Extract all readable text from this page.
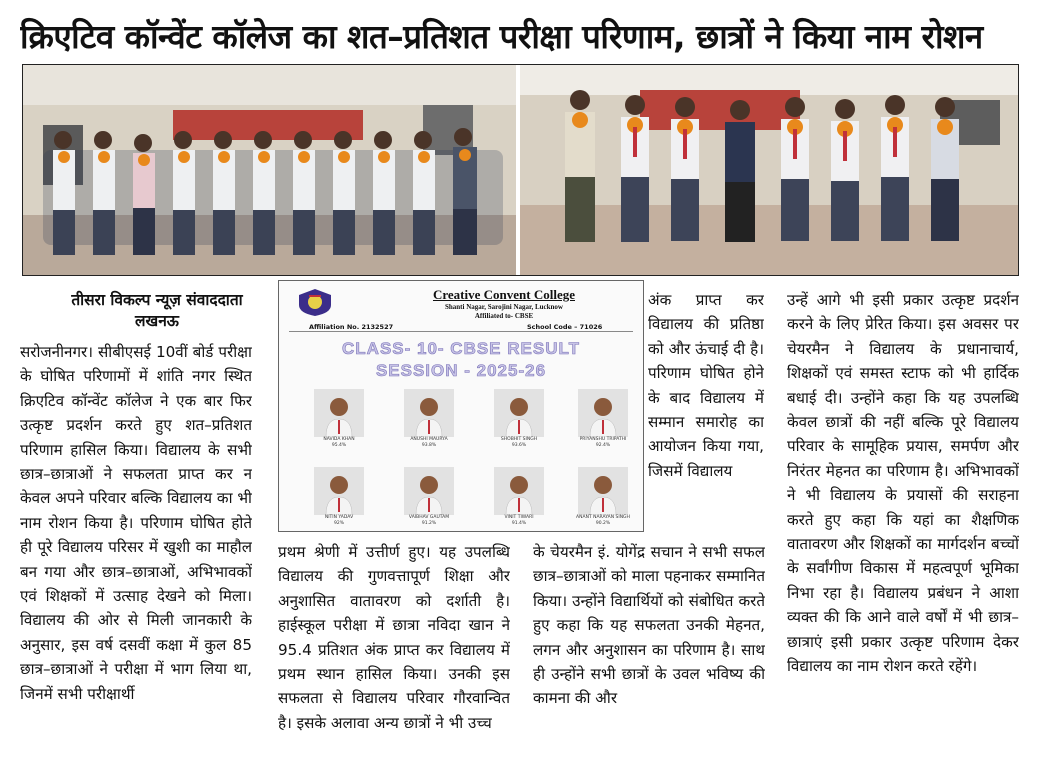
क्रिएटिव कॉन्वेंट कॉलेज का शत–प्रतिशत परीक्षा परिणाम, छात्रों ने किया नाम रोशन
तीसरा विकल्प न्यूज़ संवाददाता
लखनऊ
सरोजनीनगर। सीबीएसई 10वीं बोर्ड परीक्षा के घोषित परिणामों में शांति नगर स्थित क्रिएटिव कॉन्वेंट कॉलेज ने एक बार फिर उत्कृष्ट प्रदर्शन करते हुए शत–प्रतिशत परिणाम हासिल किया। विद्यालय के सभी छात्र–छात्राओं ने सफलता प्राप्त कर न केवल अपने परिवार बल्कि विद्यालय का भी नाम रोशन किया है। परिणाम घोषित होते ही पूरे विद्यालय परिसर में खुशी का माहौल बन गया और छात्र–छात्राओं, अभिभावकों एवं शिक्षकों में उत्साह देखने को मिला। विद्यालय की ओर से मिली जानकारी के अनुसार, इस वर्ष दसवीं कक्षा में कुल 85 छात्र–छात्राओं ने परीक्षा में भाग लिया था, जिनमें सभी परीक्षार्थी
Creative Convent College
Shanti Nagar, Sarojini Nagar, Lucknow
Affiliated to- CBSE
Affiliation No. 2132527	School Code – 71026
CLASS- 10- CBSE RESULT
SESSION - 2025-26
NAVIDA KHAN
95.4%
ANUSHI MAURYA
93.8%
SHOBHIT SINGH
93.6%
PRIYANSHU TRIPATHI
92.4%
NITIN YADAV
92%
VAIBHAV GAUTAM
91.2%
VINIT TIWARI
91.4%
ANANT NARAYAN SINGH
90.2%
प्रथम श्रेणी में उत्तीर्ण हुए। यह उपलब्धि विद्यालय की गुणवत्तापूर्ण शिक्षा और अनुशासित वातावरण को दर्शाती है। हाईस्कूल परीक्षा में छात्रा नविदा खान ने 95.4 प्रतिशत अंक प्राप्त कर विद्यालय में प्रथम स्थान हासिल किया। उनकी इस सफलता से विद्यालय परिवार गौरवान्वित है। इसके अलावा अन्य छात्रों ने भी उच्च
अंक प्राप्त कर विद्यालय की प्रतिष्ठा को और ऊंचाई दी है। परिणाम घोषित होने के बाद विद्यालय में सम्मान समारोह का आयोजन किया गया, जिसमें विद्यालय
के चेयरमैन इं. योगेंद्र सचान ने सभी सफल छात्र–छात्राओं को माला पहनाकर सम्मानित किया। उन्होंने विद्यार्थियों को संबोधित करते हुए कहा कि यह सफलता उनकी मेहनत, लगन और अनुशासन का परिणाम है। साथ ही उन्होंने सभी छात्रों के उवल भविष्य की कामना की और
उन्हें आगे भी इसी प्रकार उत्कृष्ट प्रदर्शन करने के लिए प्रेरित किया। इस अवसर पर चेयरमैन ने विद्यालय के प्रधानाचार्य, शिक्षकों एवं समस्त स्टाफ को भी हार्दिक बधाई दी। उन्होंने कहा कि यह उपलब्धि केवल छात्रों की नहीं बल्कि पूरे विद्यालय परिवार के सामूहिक प्रयास, समर्पण और निरंतर मेहनत का परिणाम है। अभिभावकों ने भी विद्यालय के प्रयासों की सराहना करते हुए कहा कि यहां का शैक्षणिक वातावरण और शिक्षकों का मार्गदर्शन बच्चों के सर्वांगीण विकास में महत्वपूर्ण भूमिका निभा रहा है। विद्यालय प्रबंधन ने आशा व्यक्त की कि आने वाले वर्षों में भी छात्र–छात्राएं इसी प्रकार उत्कृष्ट परिणाम देकर विद्यालय का नाम रोशन करते रहेंगे।
